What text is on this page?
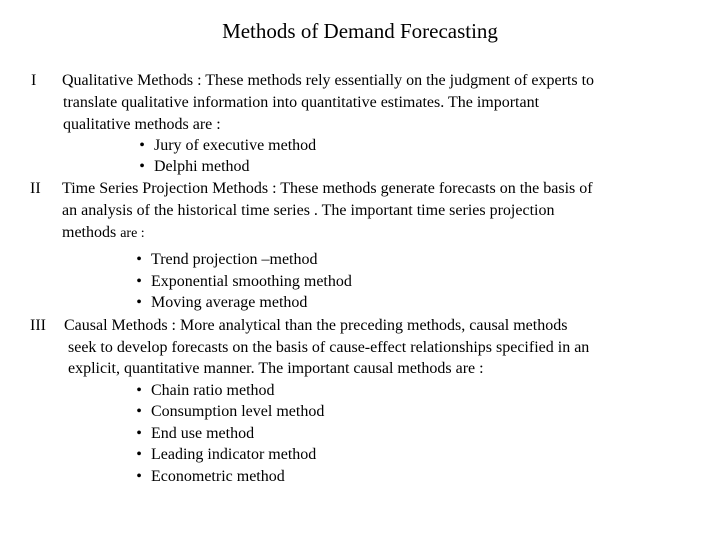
Methods of Demand Forecasting
I Qualitative Methods : These methods rely essentially on the judgment of experts to
translate qualitative information into quantitative estimates. The important
qualitative methods are :
• Jury of executive method
• Delphi method
II Time Series Projection Methods : These methods generate forecasts on the basis of
an analysis of the historical time series . The important time series projection
methods are :
• Trend projection –method
• Exponential smoothing method
• Moving average method
III Causal Methods : More analytical than the preceding methods, causal methods
seek to develop forecasts on the basis of cause-effect relationships specified in an
explicit, quantitative manner. The important causal methods are :
• Chain ratio method
• Consumption level method
• End use method
• Leading indicator method
• Econometric method
